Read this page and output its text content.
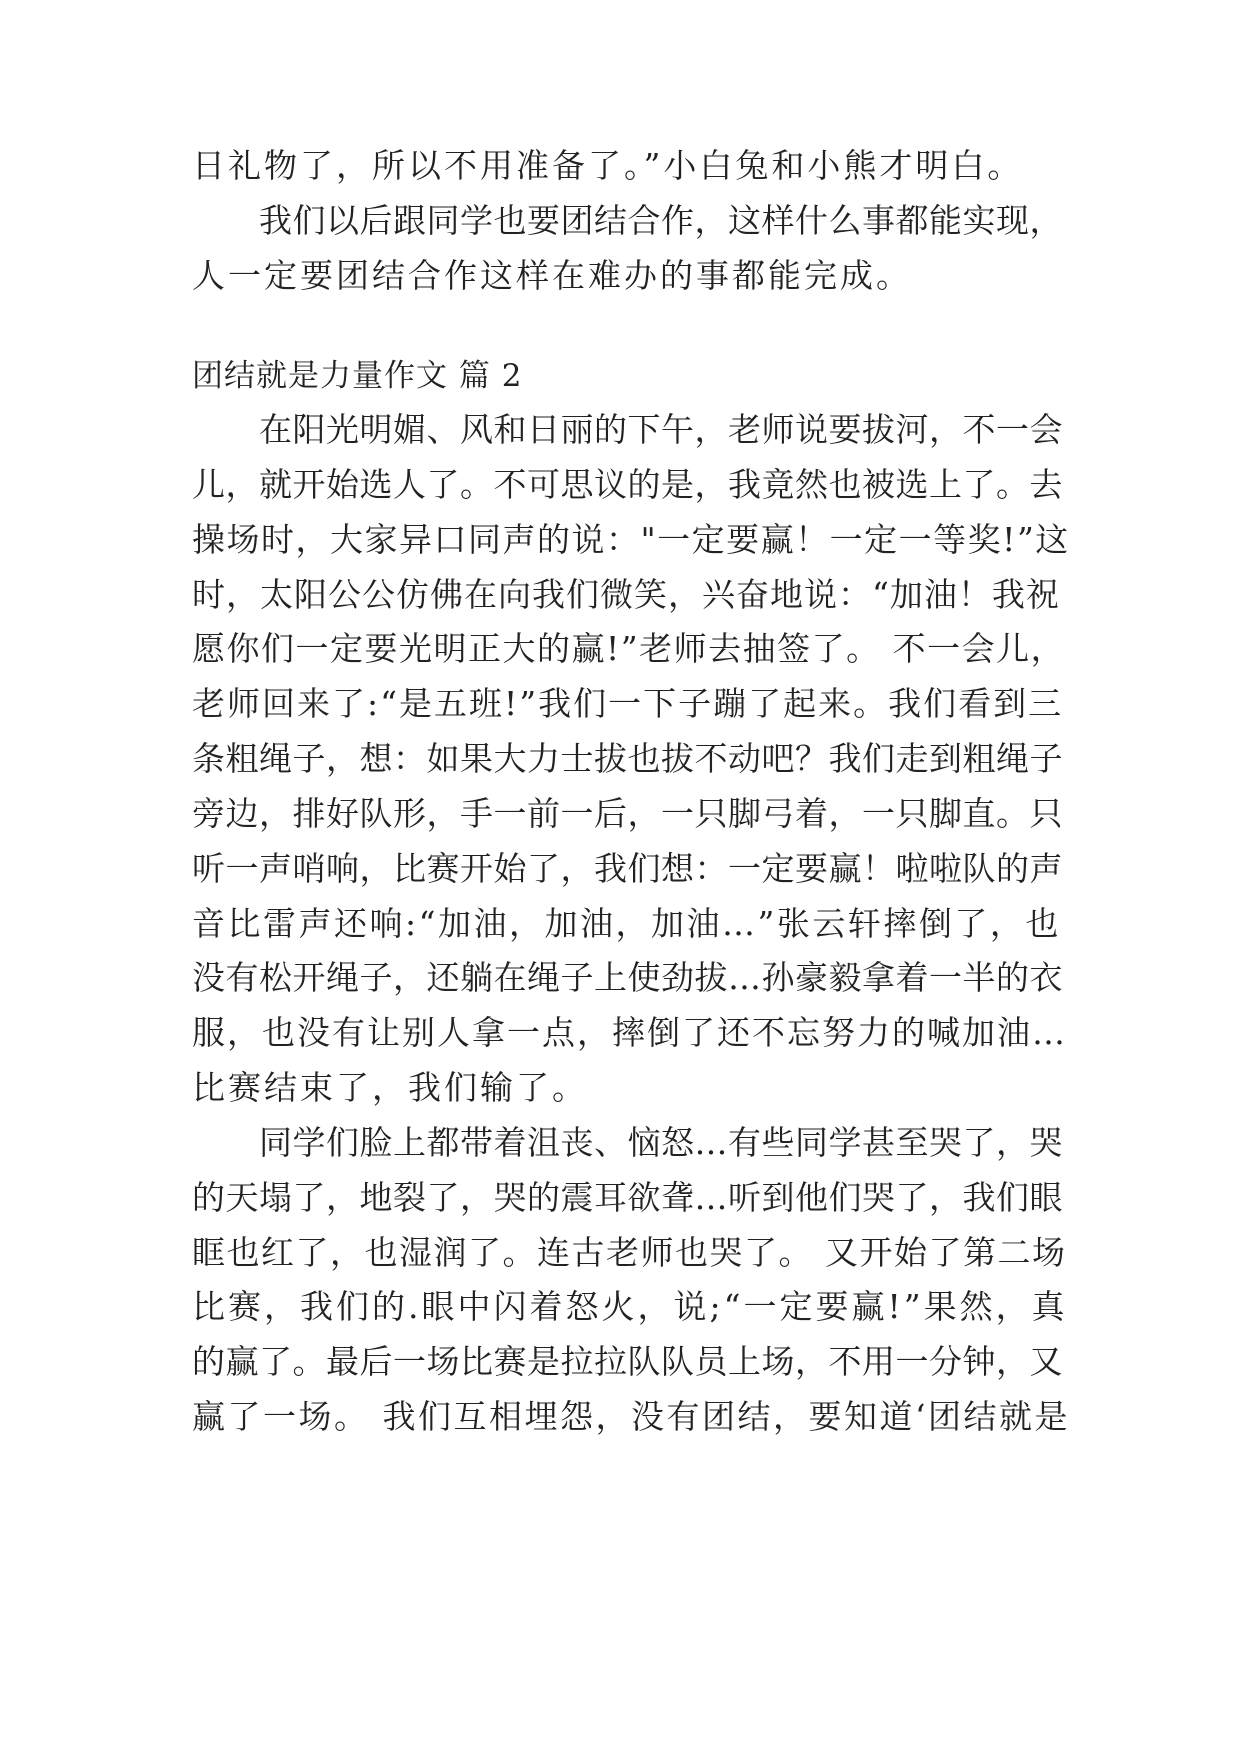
日礼物了，所以不用准备了。”小白兔和小熊才明白。
　　我们以后跟同学也要团结合作，这样什么事都能实现，
人一定要团结合作这样在难办的事都能完成。
团结就是力量作文 篇 2
　　在阳光明媚、风和日丽的下午，老师说要拔河，不一会
儿，就开始选人了。不可思议的是，我竟然也被选上了。去
操场时，大家异口同声的说："一定要赢！一定一等奖!”这
时，太阳公公仿佛在向我们微笑，兴奋地说：“加油！我祝
愿你们一定要光明正大的赢!”老师去抽签了。 不一会儿，
老师回来了:“是五班!”我们一下子蹦了起来。我们看到三
条粗绳子，想：如果大力士拔也拔不动吧？我们走到粗绳子
旁边，排好队形，手一前一后，一只脚弓着，一只脚直。只
听一声哨响，比赛开始了，我们想：一定要赢！啦啦队的声
音比雷声还响:“加油，加油，加油…”张云轩摔倒了，也
没有松开绳子，还躺在绳子上使劲拔…孙豪毅拿着一半的衣
服，也没有让别人拿一点，摔倒了还不忘努力的喊加油…
比赛结束了，我们输了。
　　同学们脸上都带着沮丧、恼怒…有些同学甚至哭了，哭
的天塌了，地裂了，哭的震耳欲聋…听到他们哭了，我们眼
眶也红了，也湿润了。连古老师也哭了。 又开始了第二场
比赛，我们的.眼中闪着怒火，说;“一定要赢!”果然，真
的赢了。最后一场比赛是拉拉队队员上场，不用一分钟，又
赢了一场。 我们互相埋怨，没有团结，要知道‘团结就是
